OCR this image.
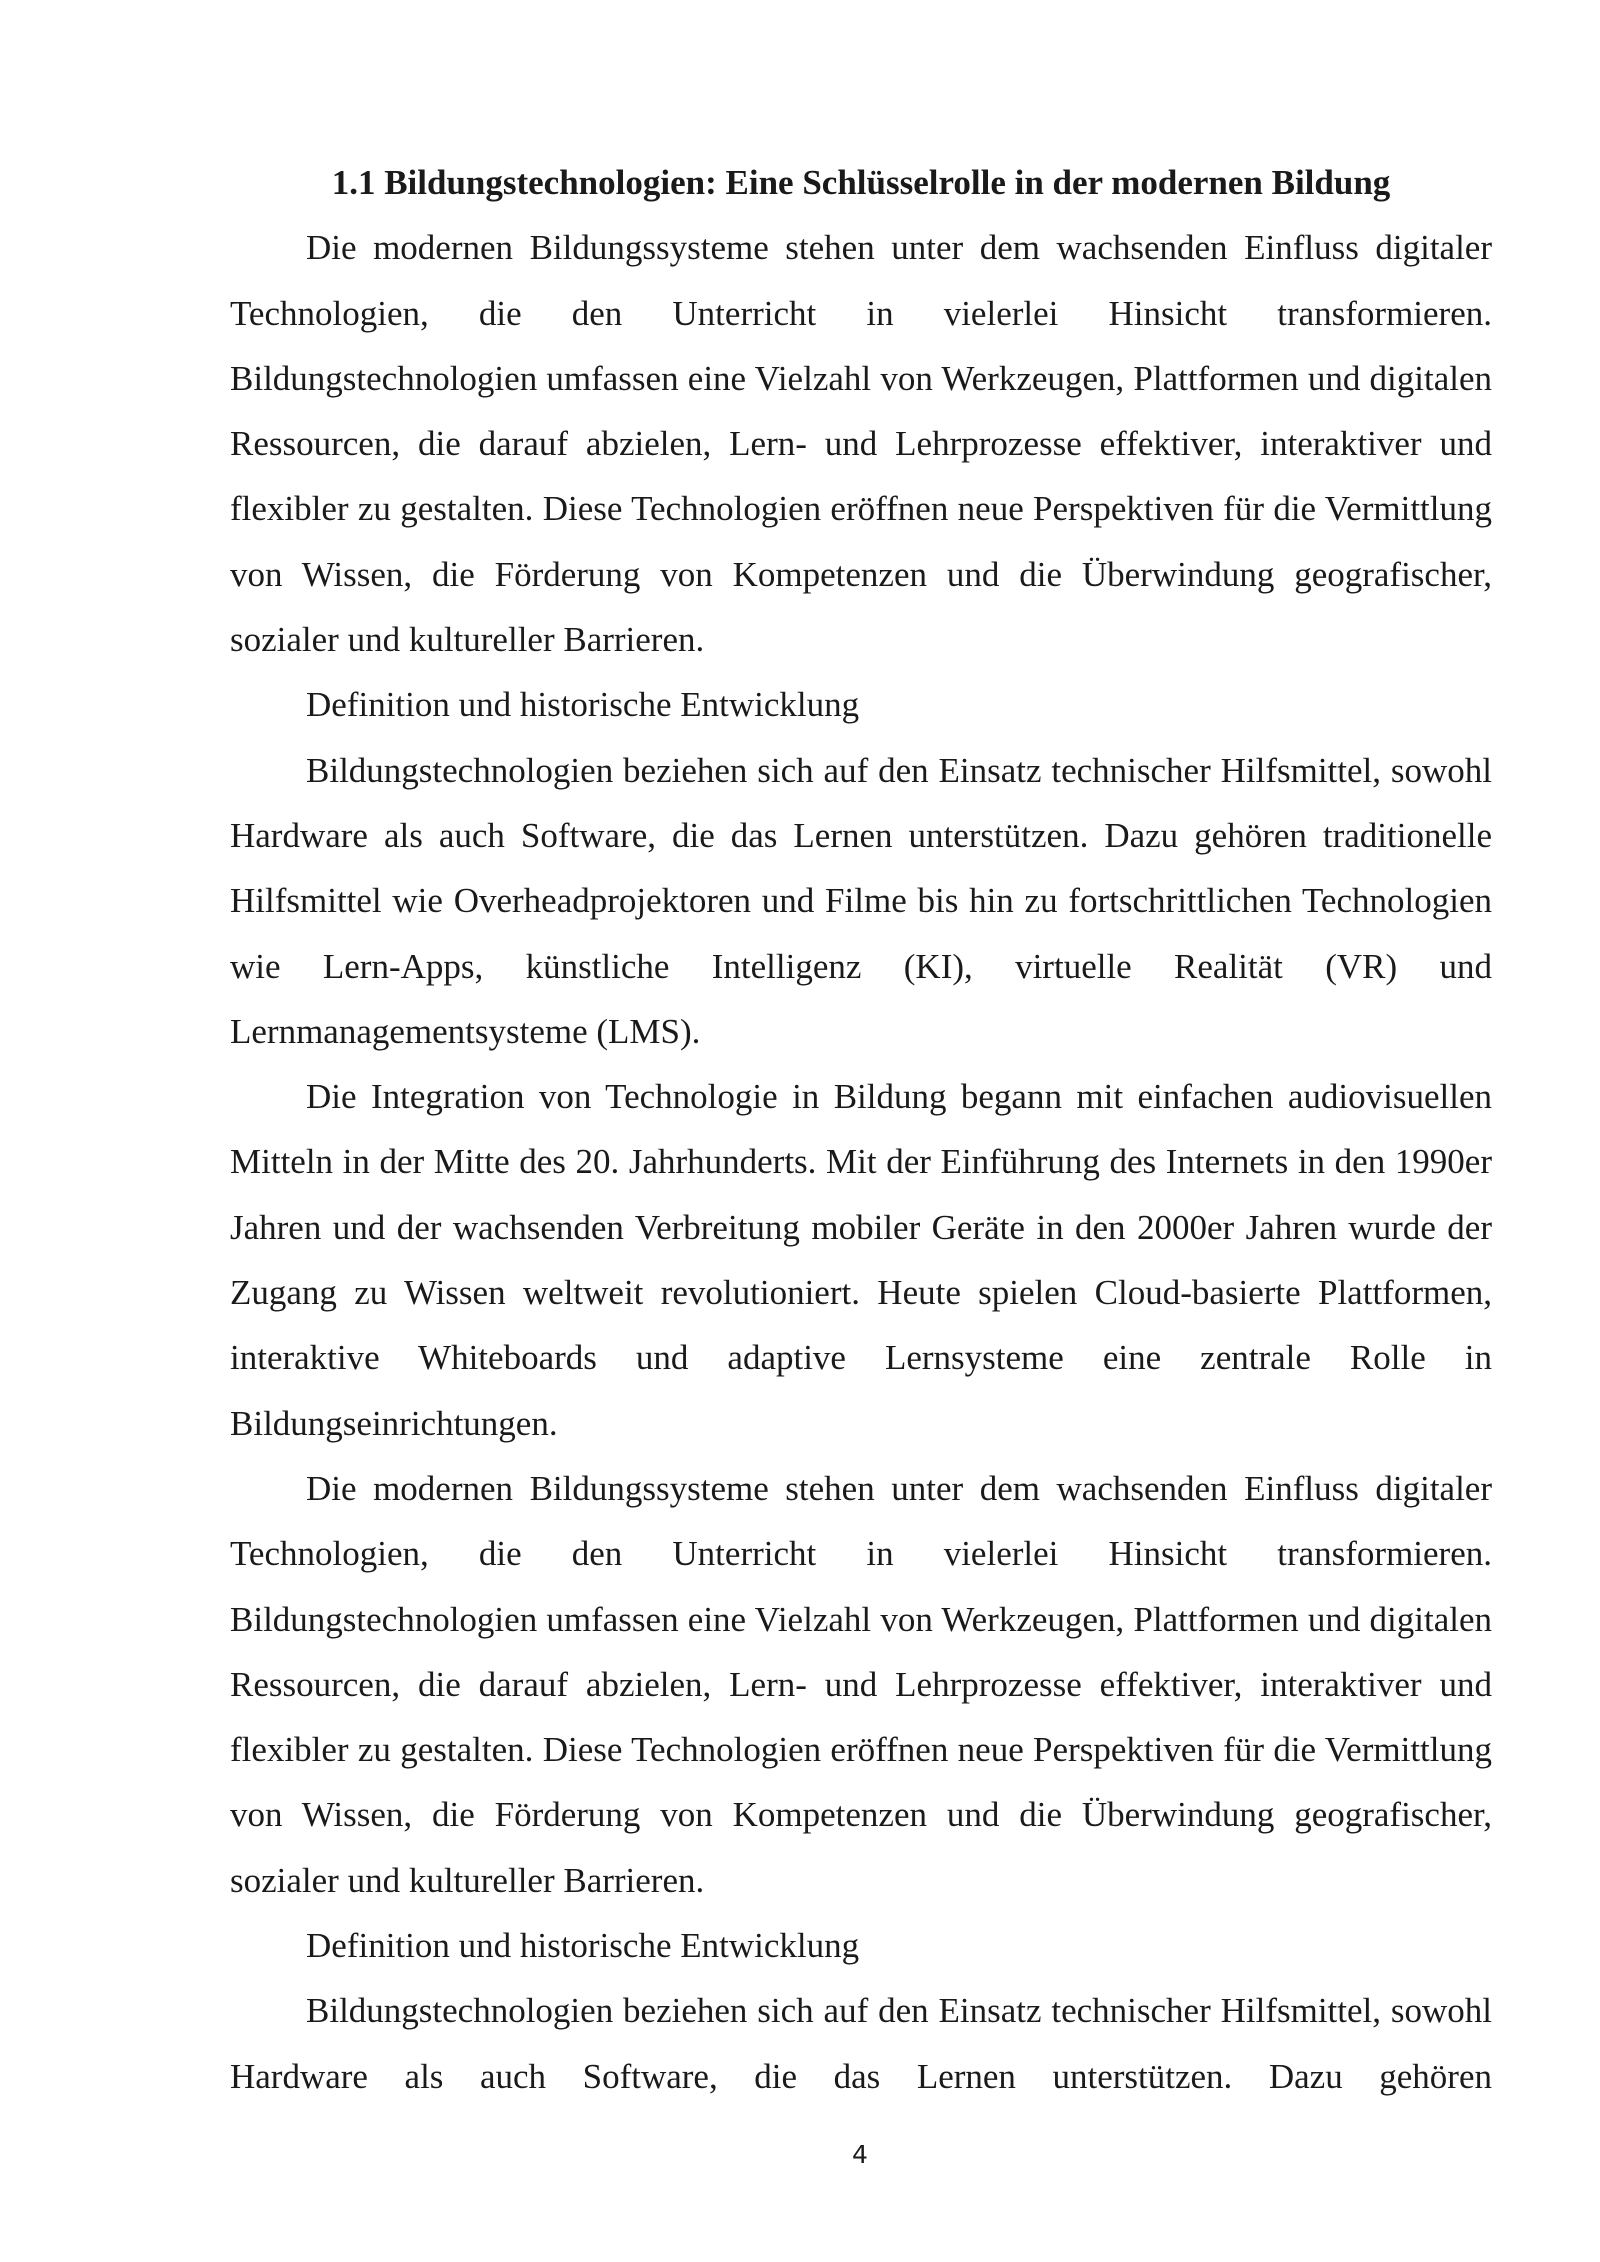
1.1 Bildungstechnologien: Eine Schlüsselrolle in der modernen Bildung

Die modernen Bildungssysteme stehen unter dem wachsenden Einfluss digitaler Technologien, die den Unterricht in vielerlei Hinsicht transformieren. Bildungstechnologien umfassen eine Vielzahl von Werkzeugen, Plattformen und digitalen Ressourcen, die darauf abzielen, Lern- und Lehrprozesse effektiver, interaktiver und flexibler zu gestalten. Diese Technologien eröffnen neue Perspektiven für die Vermittlung von Wissen, die Förderung von Kompetenzen und die Überwindung geografischer, sozialer und kultureller Barrieren.

Definition und historische Entwicklung

Bildungstechnologien beziehen sich auf den Einsatz technischer Hilfsmittel, sowohl Hardware als auch Software, die das Lernen unterstützen. Dazu gehören traditionelle Hilfsmittel wie Overheadprojektoren und Filme bis hin zu fortschrittlichen Technologien wie Lern-Apps, künstliche Intelligenz (KI), virtuelle Realität (VR) und Lernmanagementsysteme (LMS).

Die Integration von Technologie in Bildung begann mit einfachen audiovisuellen Mitteln in der Mitte des 20. Jahrhunderts. Mit der Einführung des Internets in den 1990er Jahren und der wachsenden Verbreitung mobiler Geräte in den 2000er Jahren wurde der Zugang zu Wissen weltweit revolutioniert. Heute spielen Cloud-basierte Plattformen, interaktive Whiteboards und adaptive Lernsysteme eine zentrale Rolle in Bildungseinrichtungen.

Die modernen Bildungssysteme stehen unter dem wachsenden Einfluss digitaler Technologien, die den Unterricht in vielerlei Hinsicht transformieren. Bildungstechnologien umfassen eine Vielzahl von Werkzeugen, Plattformen und digitalen Ressourcen, die darauf abzielen, Lern- und Lehrprozesse effektiver, interaktiver und flexibler zu gestalten. Diese Technologien eröffnen neue Perspektiven für die Vermittlung von Wissen, die Förderung von Kompetenzen und die Überwindung geografischer, sozialer und kultureller Barrieren.

Definition und historische Entwicklung

Bildungstechnologien beziehen sich auf den Einsatz technischer Hilfsmittel, sowohl Hardware als auch Software, die das Lernen unterstützen. Dazu gehören

4
